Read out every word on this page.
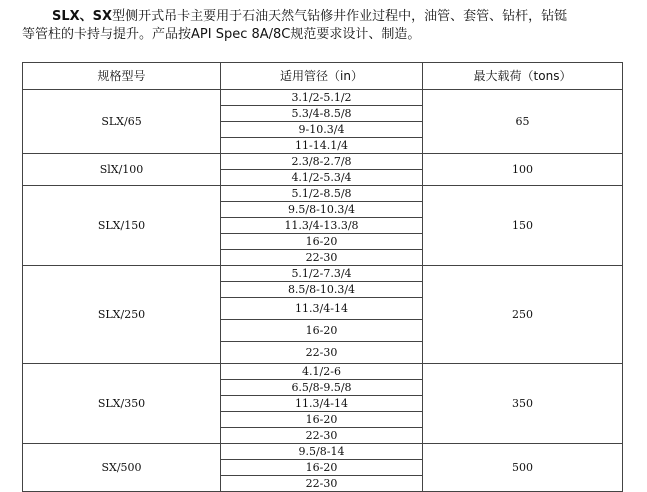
SLX、SX型侧开式吊卡主要用于石油天然气钻修井作业过程中，油管、套管、钻杆，钻铤

等管柱的卡持与提升。产品按API Spec 8A/8C规范要求设计、制造。

规格型号	适用管径（in）	最大载荷（tons）
SLX/65	3.1/2-5.1/2	65
	5.3/4-8.5/8	
	9-10.3/4	
	11-14.1/4	
SlX/100	2.3/8-2.7/8	100
	4.1/2-5.3/4	
SLX/150	5.1/2-8.5/8	150
	9.5/8-10.3/4	
	11.3/4-13.3/8	
	16-20	
	22-30	
SLX/250	5.1/2-7.3/4	250
	8.5/8-10.3/4	
	11.3/4-14	
	16-20	
	22-30	
SLX/350	4.1/2-6	350
	6.5/8-9.5/8	
	11.3/4-14	
	16-20	
	22-30	
SX/500	9.5/8-14	500
	16-20	
	22-30	
